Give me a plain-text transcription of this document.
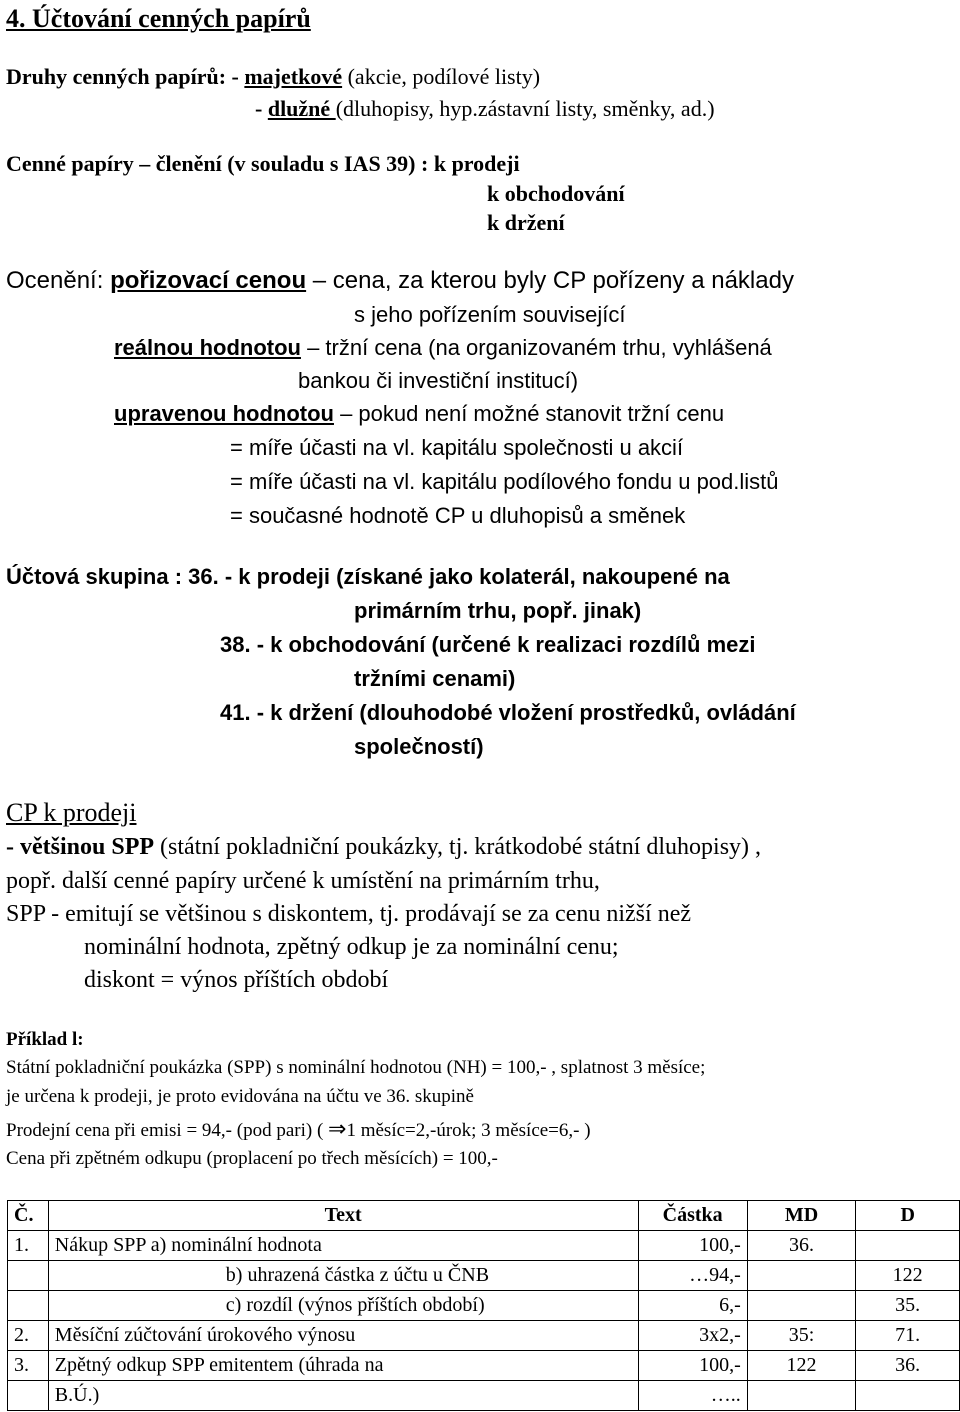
4. Účtování cenných papírů
Druhy cenných papírů: - majetkové (akcie, podílové listy)
- dlužné (dluhopisy, hyp.zástavní listy, směnky, ad.)
Cenné papíry – členění (v souladu s IAS 39) : k prodeji
k obchodování
k držení
Ocenění: pořizovací cenou – cena, za kterou byly CP pořízeny a náklady
s jeho pořízením související
reálnou hodnotou – tržní cena (na organizovaném trhu, vyhlášená
bankou či investiční institucí)
upravenou hodnotou – pokud není možné stanovit tržní cenu
= míře účasti na vl. kapitálu společnosti u akcií
= míře účasti na vl. kapitálu podílového fondu u pod.listů
= současné hodnotě CP u dluhopisů a směnek
Účtová skupina : 36. - k prodeji (získané jako kolaterál, nakoupené na
primárním trhu, popř. jinak)
38. - k obchodování (určené k realizaci rozdílů mezi
tržními cenami)
41. - k držení (dlouhodobé vložení prostředků, ovládání
společností)
CP k prodeji
- většinou SPP (státní pokladniční poukázky, tj. krátkodobé státní dluhopisy) ,
popř. další cenné papíry určené k umístění na primárním trhu,
SPP - emitují se většinou s diskontem, tj. prodávají se za cenu nižší než
nominální hodnota, zpětný odkup je za nominální cenu;
diskont = výnos příštích období
Příklad l:
Státní pokladniční poukázka (SPP) s nominální hodnotou (NH) = 100,- , splatnost 3 měsíce;
je určena k prodeji, je proto evidována na účtu ve 36. skupině
Prodejní cena při emisi = 94,- (pod pari) ( ⇒1 měsíc=2,-úrok; 3 měsíce=6,- )
Cena při zpětném odkupu (proplacení po třech měsících) = 100,-
Č.	Text	Částka	MD	D
1.	Nákup SPP a) nominální hodnota	100,-	36.	
	b) uhrazená částka z účtu u ČNB	…94,-		122
	c) rozdíl (výnos příštích období)	6,-		35.
2.	Měsíční zúčtování úrokového výnosu	3x2,-	35:	71.
3.	Zpětný odkup SPP emitentem (úhrada na	100,-	122	36.
	B.Ú.)	…..		
